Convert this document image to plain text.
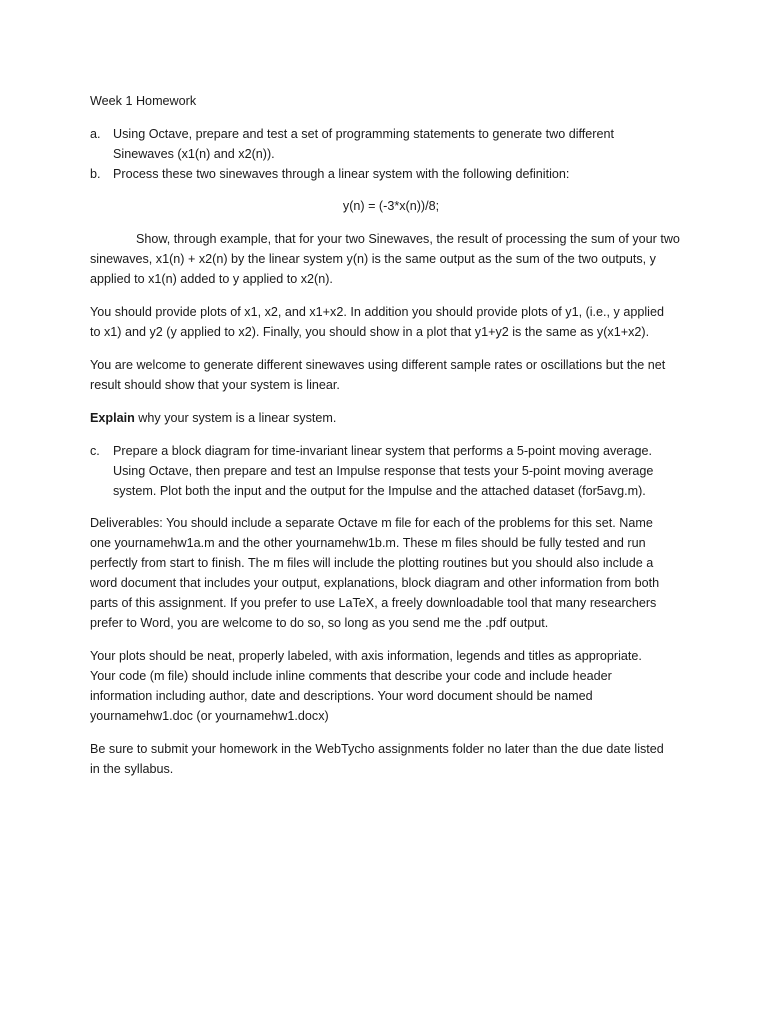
Week 1 Homework
a. Using Octave, prepare and test a set of programming statements to generate two different
Sinewaves (x1(n) and x2(n)).
b. Process these two sinewaves through a linear system with the following definition:
y(n) = (-3*x(n))/8;
Show, through example, that for your two Sinewaves, the result of processing the sum of your two sinewaves, x1(n) + x2(n) by the linear system y(n) is the same output as the sum of the two outputs, y applied to x1(n) added to y applied to x2(n).
You should provide plots of x1, x2, and x1+x2. In addition you should provide plots of y1, (i.e., y applied
to x1) and y2 (y applied to x2). Finally, you should show in a plot that y1+y2 is the same as y(x1+x2).
You are welcome to generate different sinewaves using different sample rates or oscillations but the net
result should show that your system is linear.
Explain why your system is a linear system.
c.	Prepare a block diagram for time-invariant linear system that performs a 5-point moving average.
Using Octave, then prepare and test an Impulse response that tests your 5-point moving average
system. Plot both the input and the output for the Impulse and the attached dataset (for5avg.m).
Deliverables: You should include a separate Octave m file for each of the problems for this set. Name
one yournamehw1a.m and the other yournamehw1b.m. These m files should be fully tested and run
perfectly from start to finish. The m files will include the plotting routines but you should also include a
word document that includes your output, explanations, block diagram and other information from both
parts of this assignment. If you prefer to use LaTeX, a freely downloadable tool that many researchers
prefer to Word, you are welcome to do so, so long as you send me the .pdf output.
Your plots should be neat, properly labeled, with axis information, legends and titles as appropriate.
Your code (m file) should include inline comments that describe your code and include header
information including author, date and descriptions. Your word document should be named
yournamehw1.doc (or yournamehw1.docx)
Be sure to submit your homework in the WebTycho assignments folder no later than the due date listed
in the syllabus.
